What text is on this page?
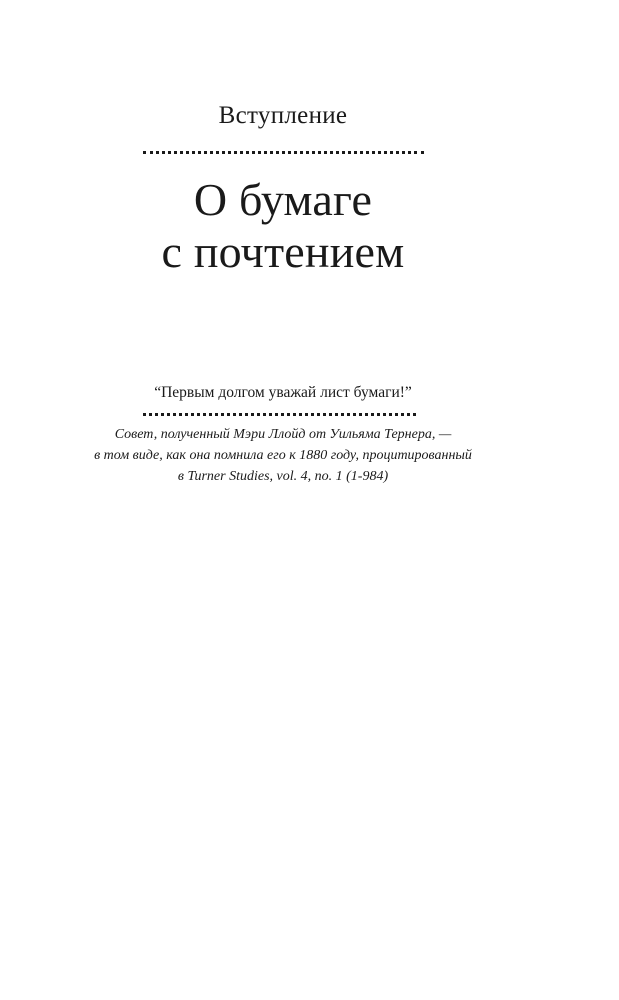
Вступление
О бумаге
с почтением
“Первым долгом уважай лист бумаги!”
Совет, полученный Мэри Ллойд от Уильяма Тернера, —
в том виде, как она помнила его к 1880 году, процитированный
в Turner Studies, vol. 4, no. 1 (1-984)
